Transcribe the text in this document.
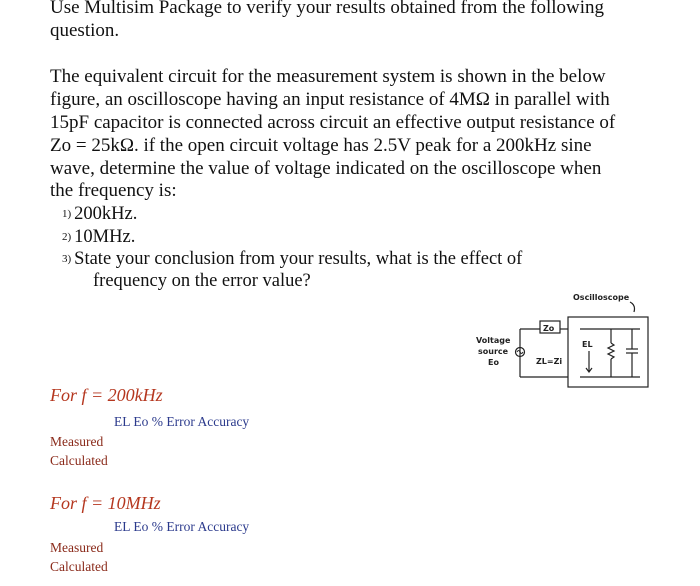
Use Multisim Package to verify your results obtained from the following

question.

The equivalent circuit for the measurement system is shown in the below

figure, an oscilloscope having an input resistance of 4MΩ in parallel with

15pF capacitor is connected across circuit an effective output resistance of

Zo = 25kΩ. if the open circuit voltage has 2.5V peak for a 200kHz sine

wave, determine the value of voltage indicated on the oscilloscope when

the frequency is:

1) 200kHz.
2) 10MHz.
3) State your conclusion from your results, what is the effect of
frequency on the error value?
Oscilloscope
Zo
Voltage
source
Eo	ZL=Zi
EL
For f = 200kHz
EL Eo % Error Accuracy
Measured
Calculated
For f = 10MHz
EL Eo % Error Accuracy
Measured
Calculated
